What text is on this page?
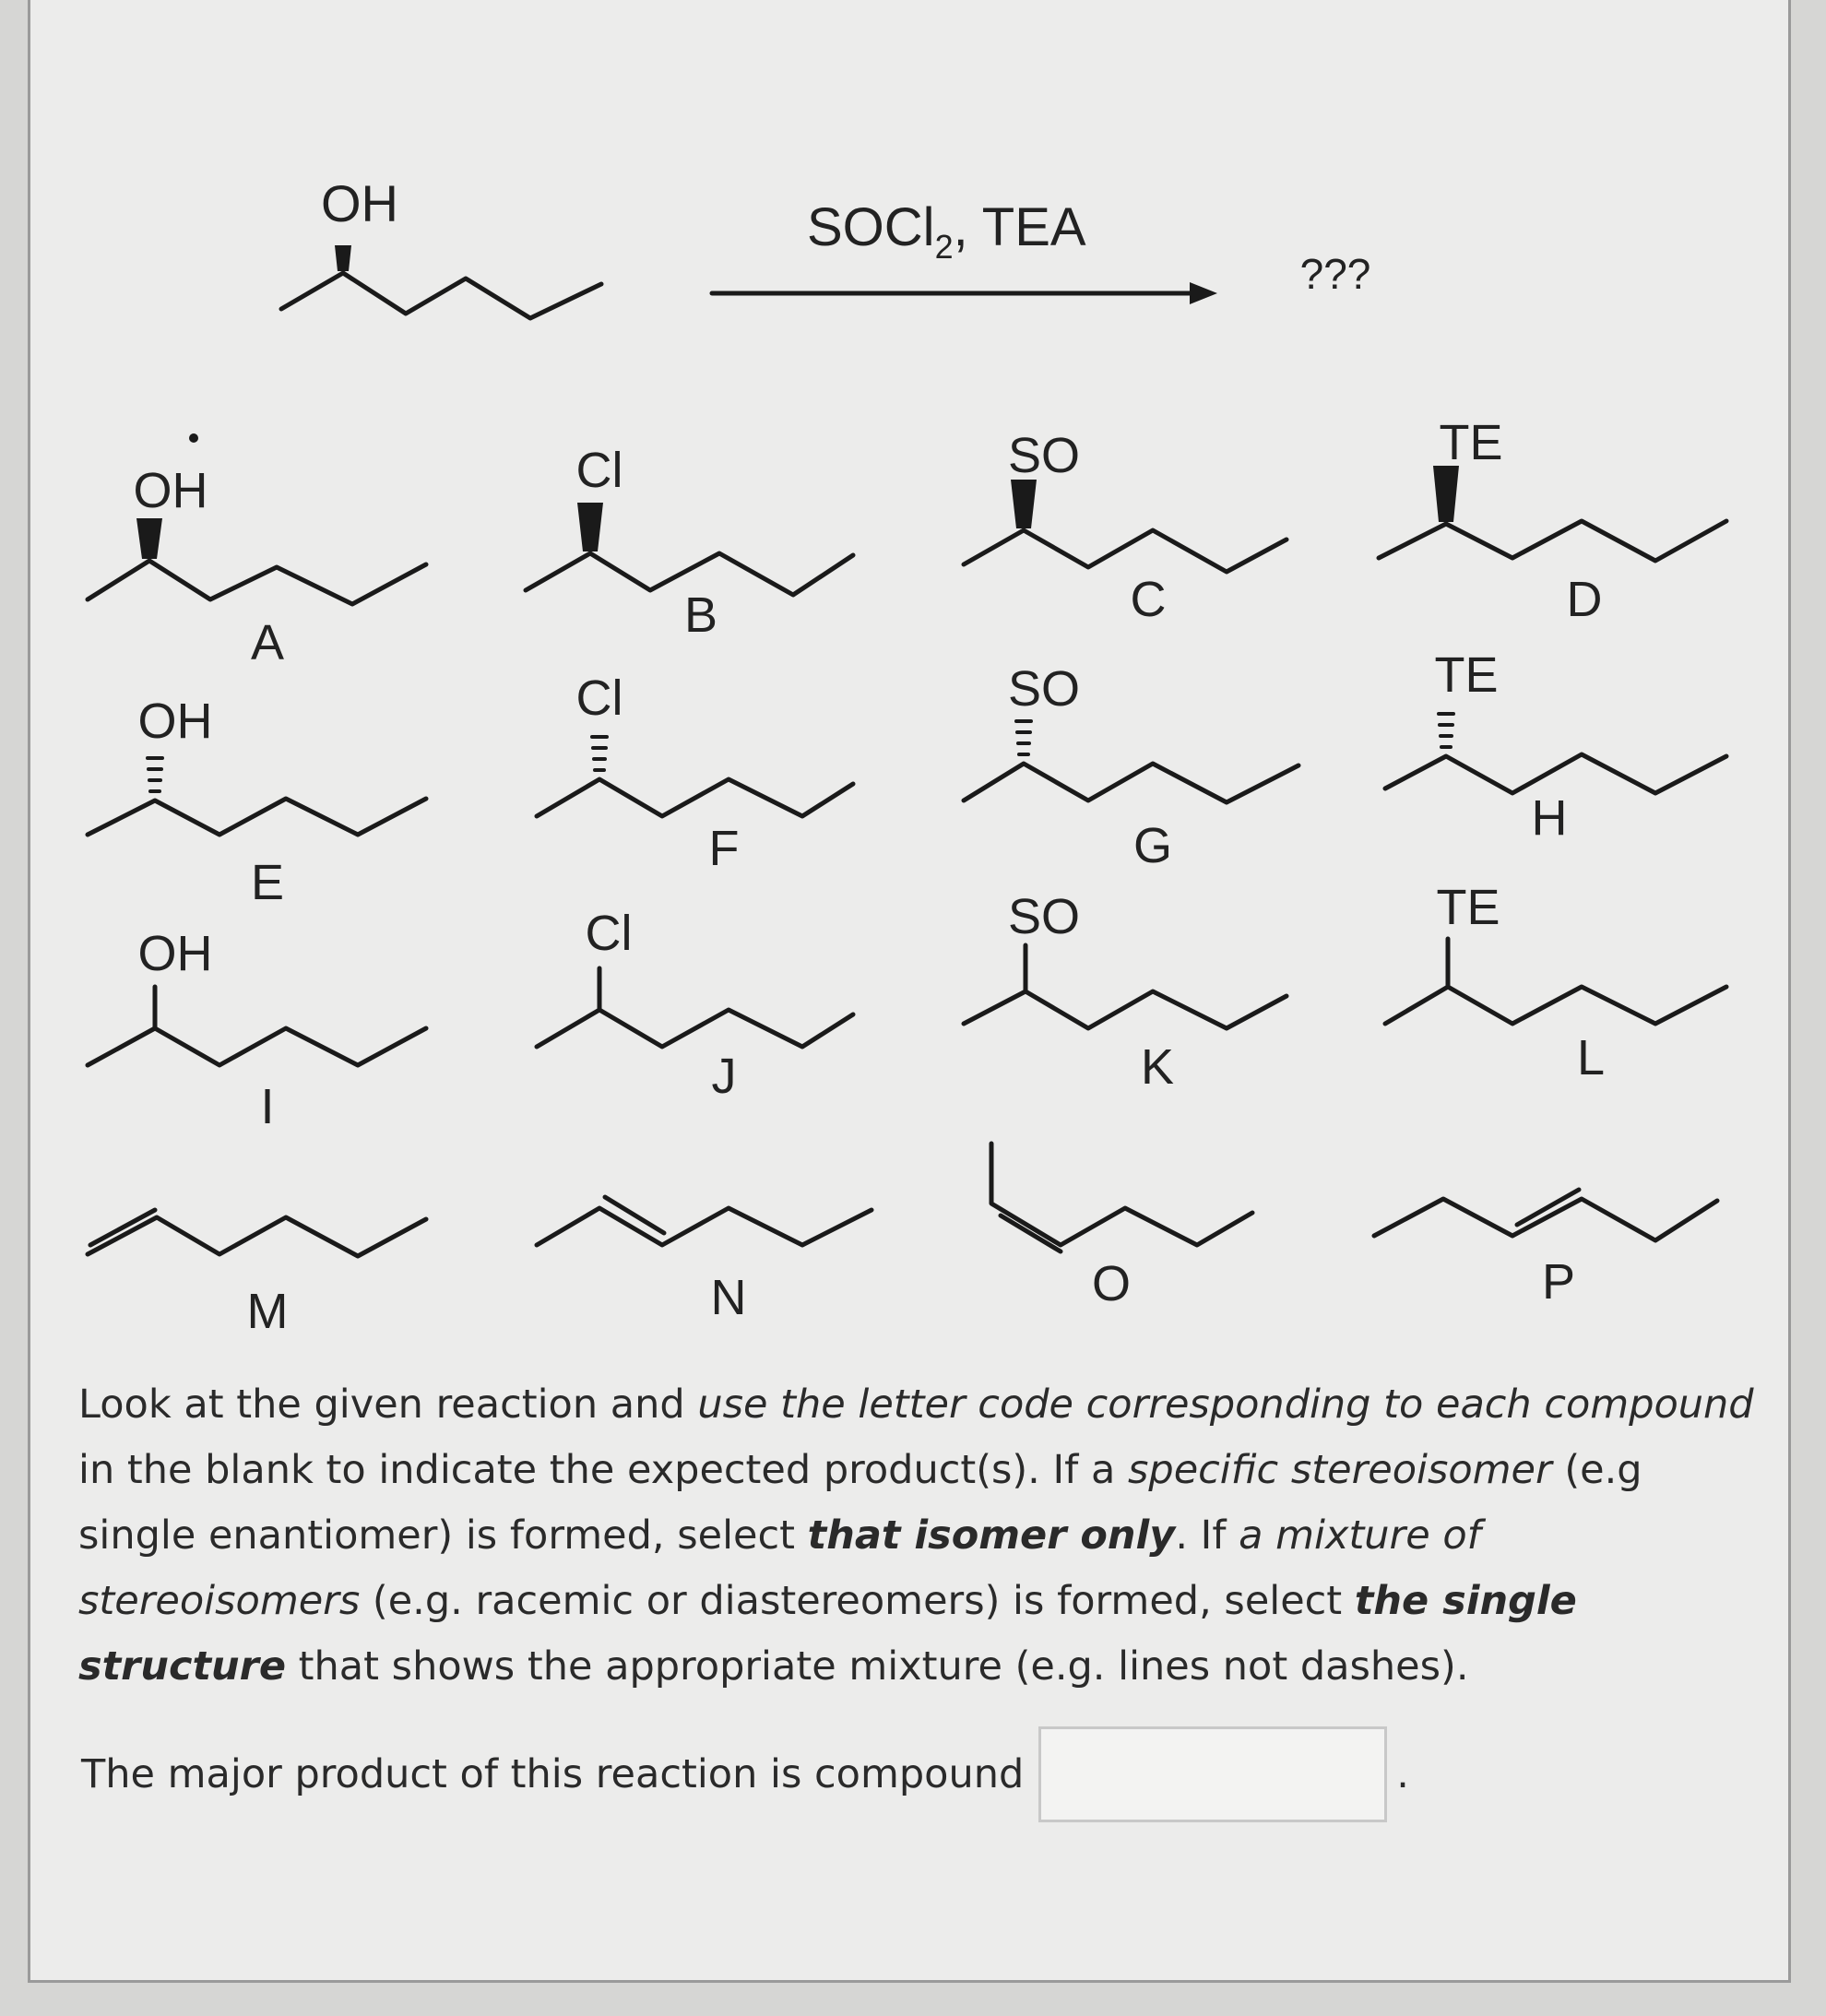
OH	SOCl$_2$, TEA
???
OH
A
Cl
B
SO
C
TE
D
OH
E
Cl
F
SO
G
TE
H
OH
I
Cl
J
SO
K
TE
L
M	N	O	P

Look at the given reaction and use the letter code corresponding to each compound in the blank to indicate the expected product(s). If a specific stereoisomer (e.g single enantiomer) is formed, select that isomer only. If a mixture of stereoisomers (e.g. racemic or diastereomers) is formed, select the single structure that shows the appropriate mixture (e.g. lines not dashes).

The major product of this reaction is compound	.
